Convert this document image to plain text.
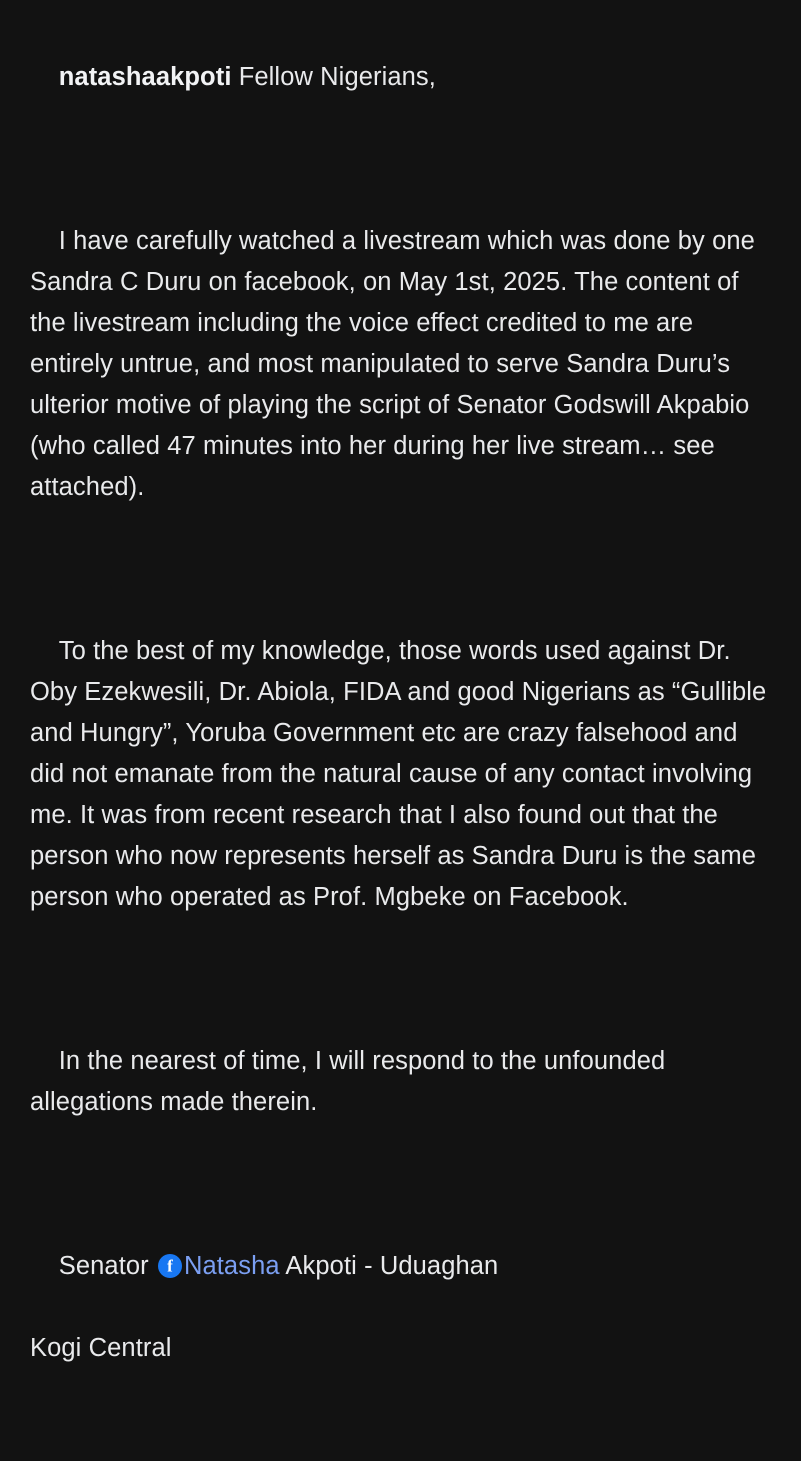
natashaakpoti Fellow Nigerians,

I have carefully watched a livestream which was done by one Sandra C Duru on facebook, on May 1st, 2025. The content of the livestream including the voice effect credited to me are entirely untrue, and most manipulated to serve Sandra Duru’s ulterior motive of playing the script of Senator Godswill Akpabio (who called 47 minutes into her during her live stream… see attached).

To the best of my knowledge, those words used against Dr. Oby Ezekwesili, Dr. Abiola, FIDA and good Nigerians as “Gullible and Hungry”, Yoruba Government etc are crazy falsehood and did not emanate from the natural cause of any contact involving me. It was from recent research that I also found out that the person who now represents herself as Sandra Duru is the same person who operated as Prof. Mgbeke on Facebook.

In the nearest of time, I will respond to the unfounded allegations made therein.

Senator  fNatasha Akpoti - Uduaghan

Kogi Central
